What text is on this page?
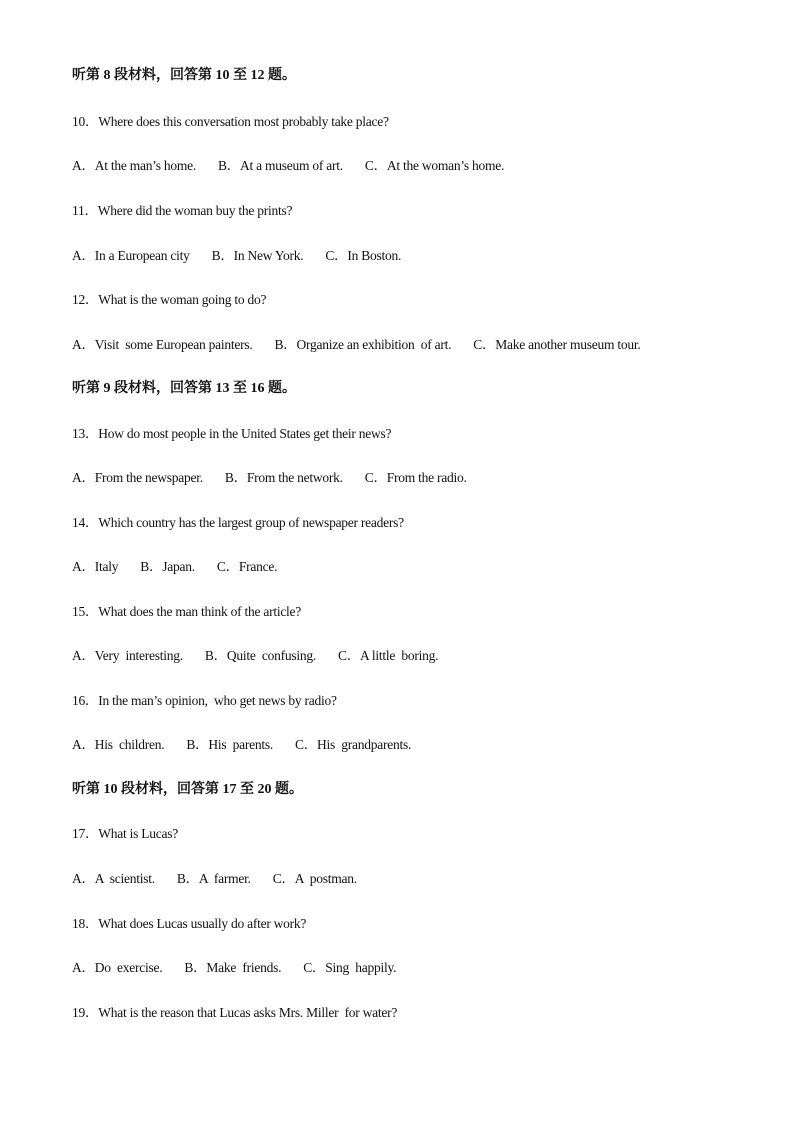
听第 8 段材料，回答第 10 至 12 题。
10．Where does this conversation most probably take place?
A．At the man’s home. B．At a museum of art. C．At the woman’s home.
11．Where did the woman buy the prints?
A．In a European city B．In New York. C．In Boston.
12．What is the woman going to do?
A．Visit  some European painters. B．Organize an exhibition  of art. C．Make another museum tour.
听第 9 段材料，回答第 13 至 16 题。
13．How do most people in the United States get their news?
A．From the newspaper. B．From the network. C．From the radio.
14．Which country has the largest group of newspaper readers?
A．Italy B．Japan. C．France.
15．What does the man think of the article?
A．Very  interesting. B．Quite  confusing. C．A little  boring.
16．In the man’s opinion,  who get news by radio?
A．His  children. B．His  parents. C．His  grandparents.
听第 10 段材料，回答第 17 至 20 题。
17．What is Lucas?
A．A  scientist. B．A  farmer. C．A  postman.
18．What does Lucas usually do after work?
A．Do  exercise. B．Make  friends. C．Sing  happily.
19．What is the reason that Lucas asks Mrs. Miller  for water?
